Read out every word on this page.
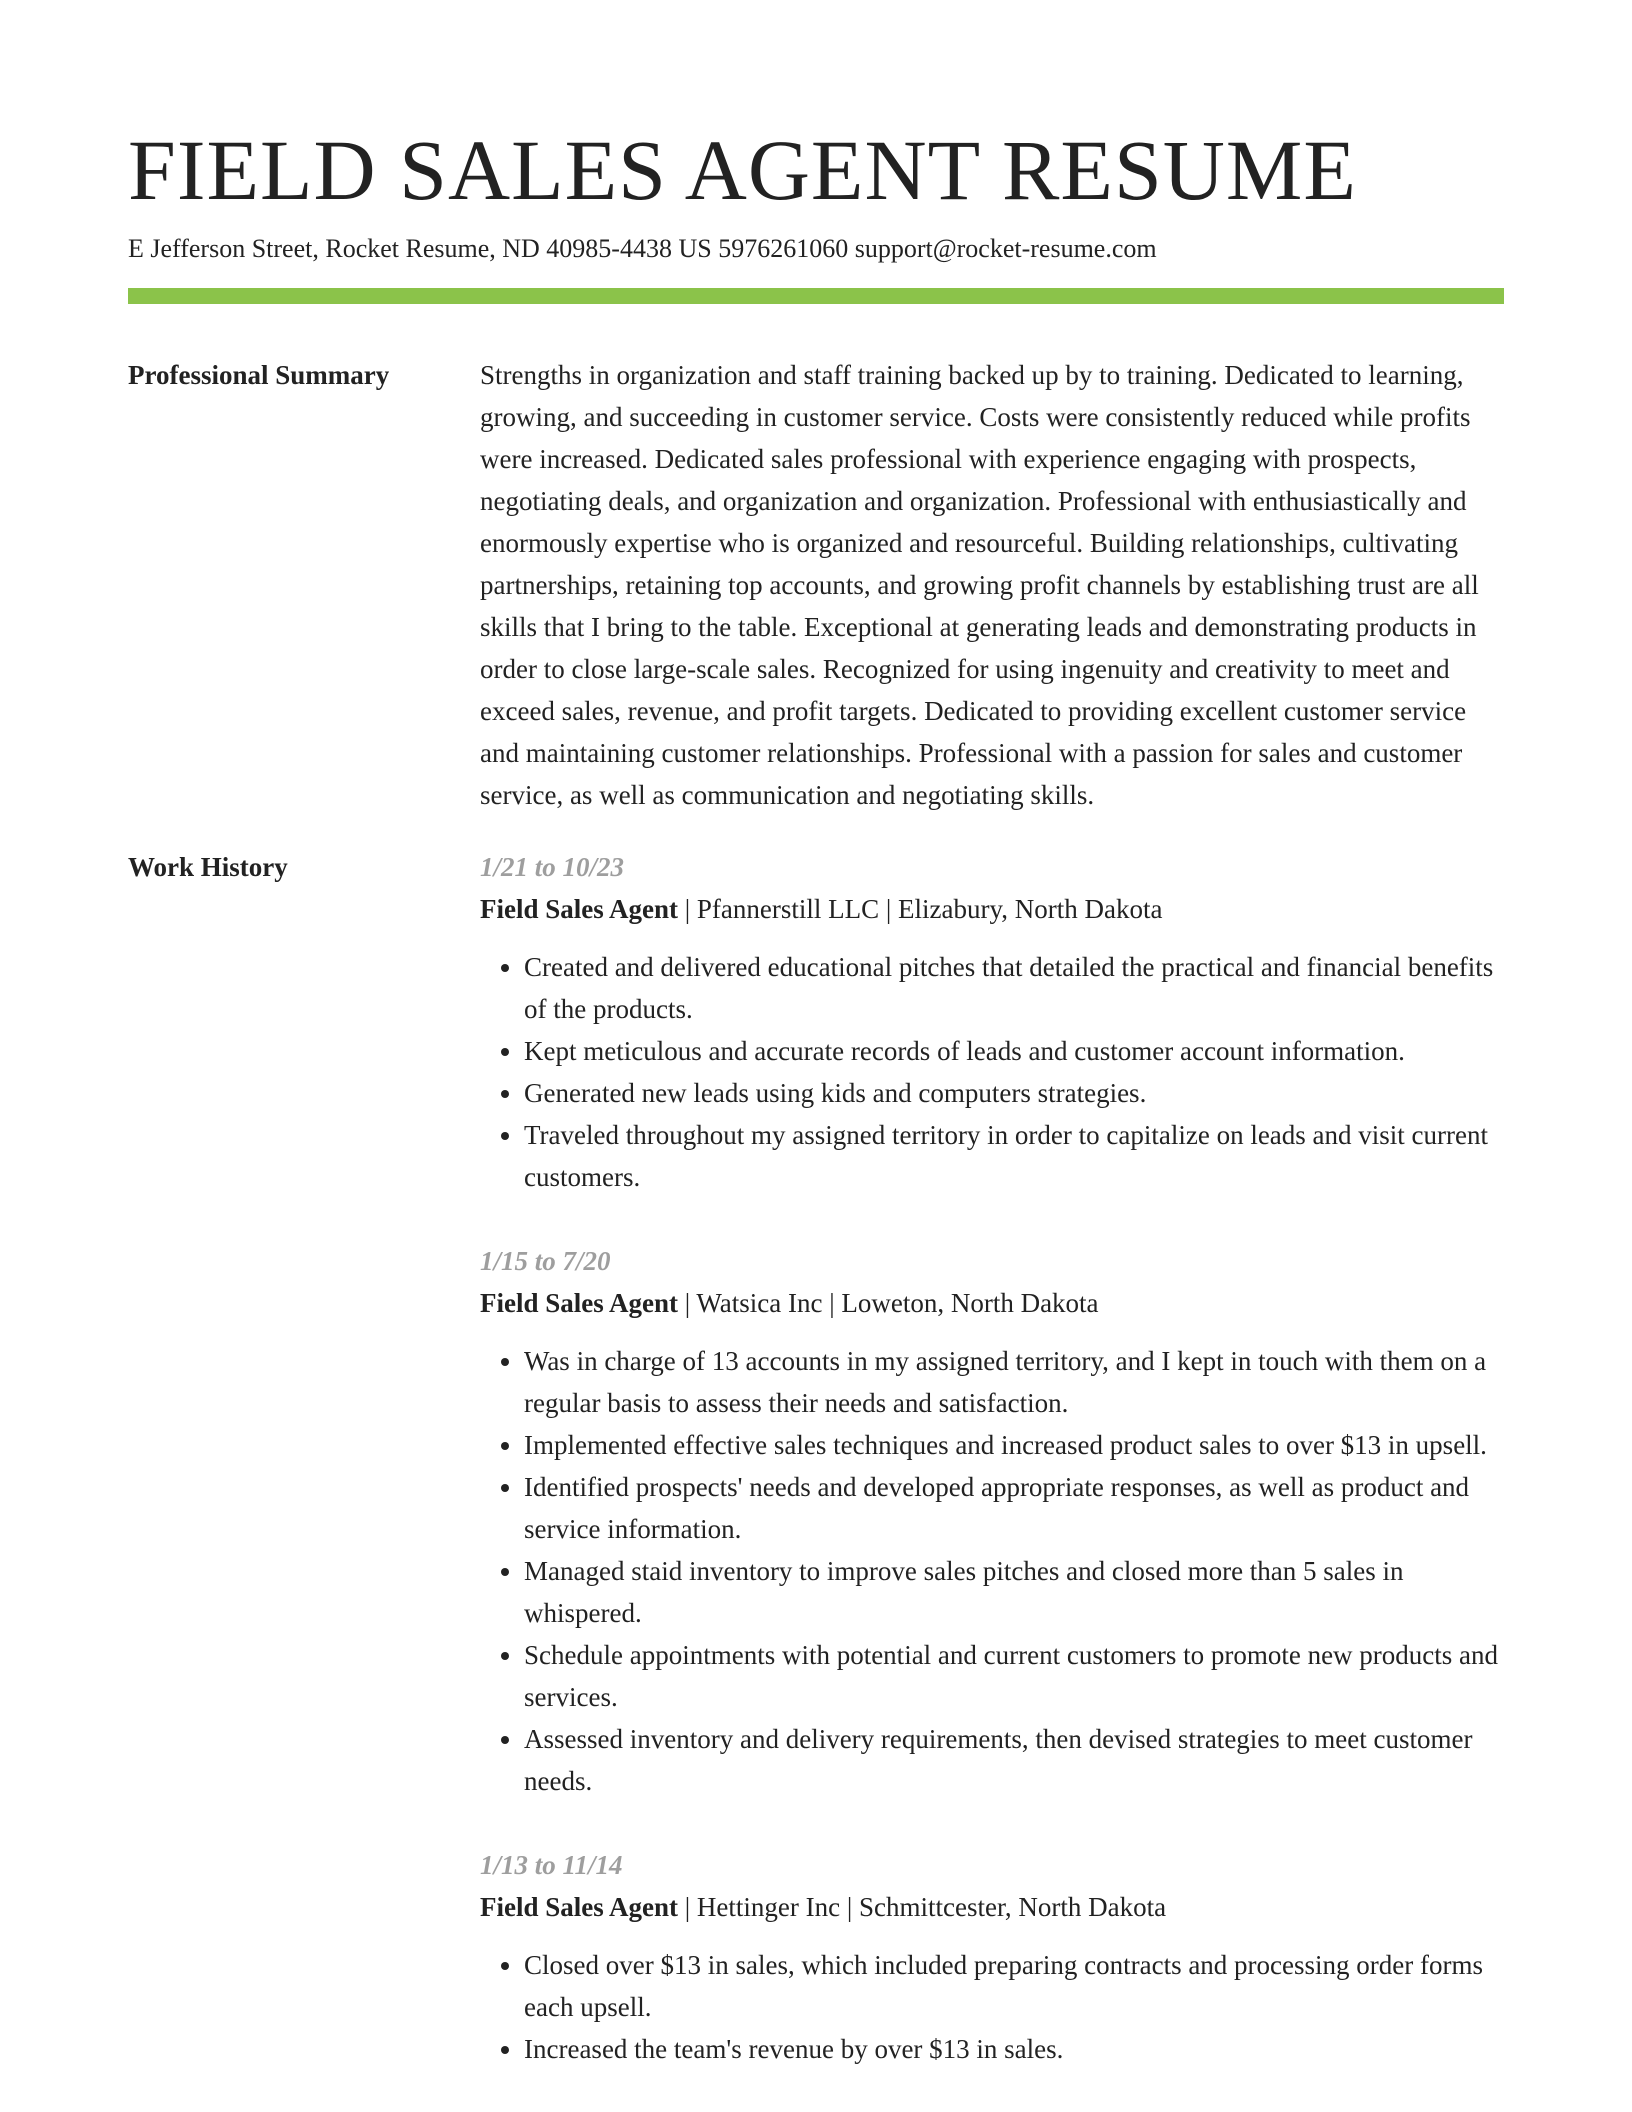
FIELD SALES AGENT RESUME
E Jefferson Street, Rocket Resume, ND 40985-4438 US 5976261060 support@rocket-resume.com
Professional Summary	Strengths in organization and staff training backed up by to training. Dedicated to learning, growing, and succeeding in customer service. Costs were consistently reduced while profits were increased. Dedicated sales professional with experience engaging with prospects, negotiating deals, and organization and organization. Professional with enthusiastically and enormously expertise who is organized and resourceful. Building relationships, cultivating partnerships, retaining top accounts, and growing profit channels by establishing trust are all skills that I bring to the table. Exceptional at generating leads and demonstrating products in order to close large-scale sales. Recognized for using ingenuity and creativity to meet and exceed sales, revenue, and profit targets. Dedicated to providing excellent customer service and maintaining customer relationships. Professional with a passion for sales and customer service, as well as communication and negotiating skills.

Work History	1/21 to 10/23
Field Sales Agent | Pfannerstill LLC | Elizabury, North Dakota
• Created and delivered educational pitches that detailed the practical and financial benefits of the products.
• Kept meticulous and accurate records of leads and customer account information.
• Generated new leads using kids and computers strategies.
• Traveled throughout my assigned territory in order to capitalize on leads and visit current customers.
1/15 to 7/20
Field Sales Agent | Watsica Inc | Loweton, North Dakota
• Was in charge of 13 accounts in my assigned territory, and I kept in touch with them on a regular basis to assess their needs and satisfaction.
• Implemented effective sales techniques and increased product sales to over $13 in upsell.
• Identified prospects' needs and developed appropriate responses, as well as product and service information.
• Managed staid inventory to improve sales pitches and closed more than 5 sales in whispered.
• Schedule appointments with potential and current customers to promote new products and services.
• Assessed inventory and delivery requirements, then devised strategies to meet customer needs.
1/13 to 11/14
Field Sales Agent | Hettinger Inc | Schmittcester, North Dakota
• Closed over $13 in sales, which included preparing contracts and processing order forms each upsell.
• Increased the team's revenue by over $13 in sales.
